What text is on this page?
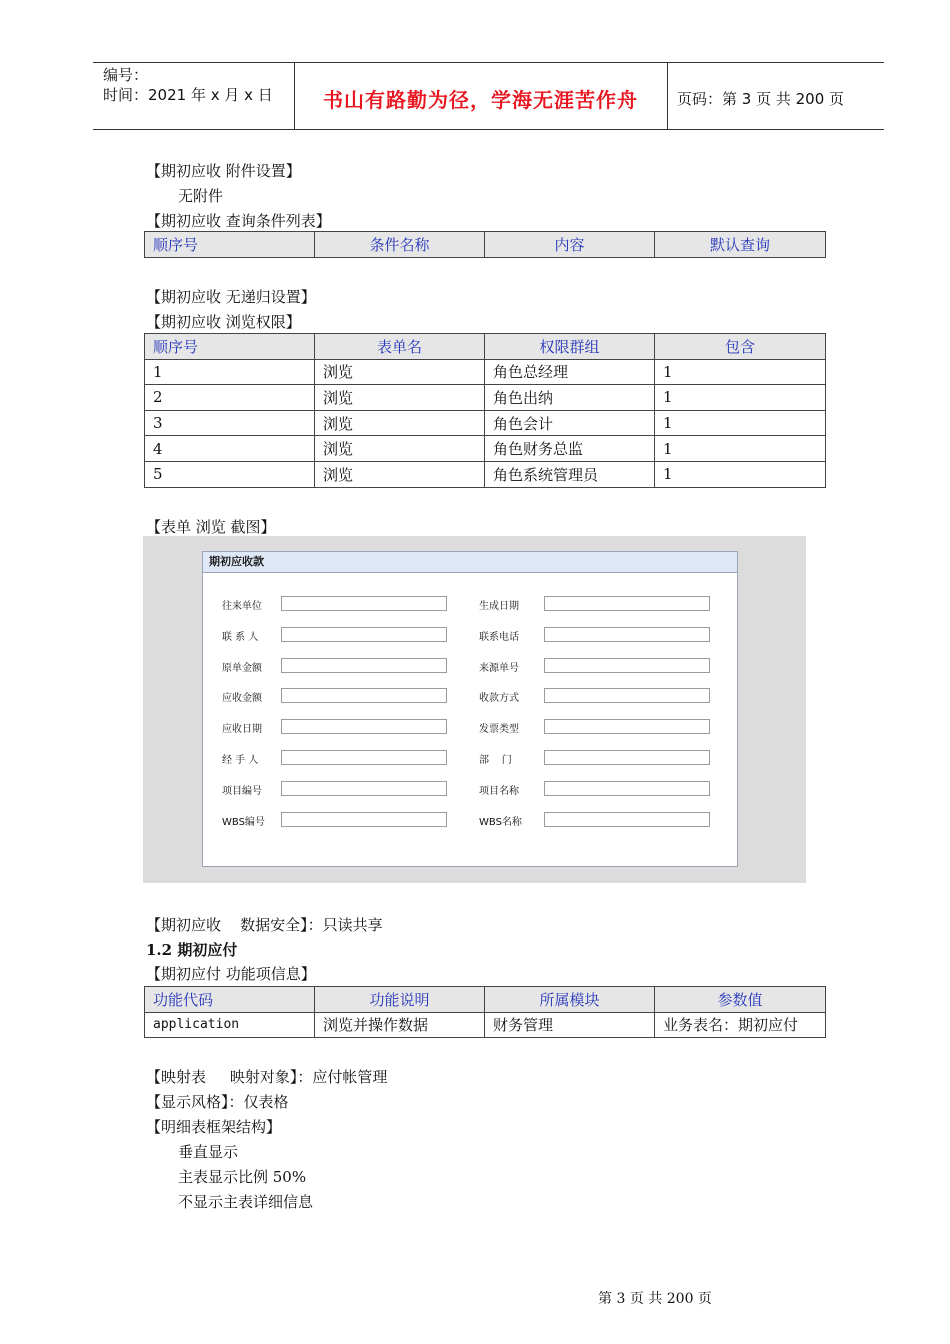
编号：
时间：2021 年 x 月 x 日	书山有路勤为径，学海无涯苦作舟	页码：第 3 页 共 200 页
【期初应收 附件设置】
无附件
【期初应收 查询条件列表】
顺序号	条件名称	内容	默认查询
【期初应收 无递归设置】
【期初应收 浏览权限】
顺序号	表单名	权限群组	包含
1	浏览	角色总经理	1
2	浏览	角色出纳	1
3	浏览	角色会计	1
4	浏览	角色财务总监	1
5	浏览	角色系统管理员	1
【表单 浏览 截图】
期初应收款
往来单位	生成日期
联 系 人	联系电话
原单金额	来源单号
应收金额	收款方式
应收日期	发票类型
经 手 人	部    门
项目编号	项目名称
WBS编号	WBS名称
【期初应收    数据安全】：只读共享
1.2 期初应付
【期初应付 功能项信息】
功能代码	功能说明	所属模块	参数值
application	浏览并操作数据	财务管理	业务表名：期初应付
【映射表     映射对象】：应付帐管理
【显示风格】：仅表格
【明细表框架结构】
垂直显示
主表显示比例 50%
不显示主表详细信息
第 3 页 共 200 页
